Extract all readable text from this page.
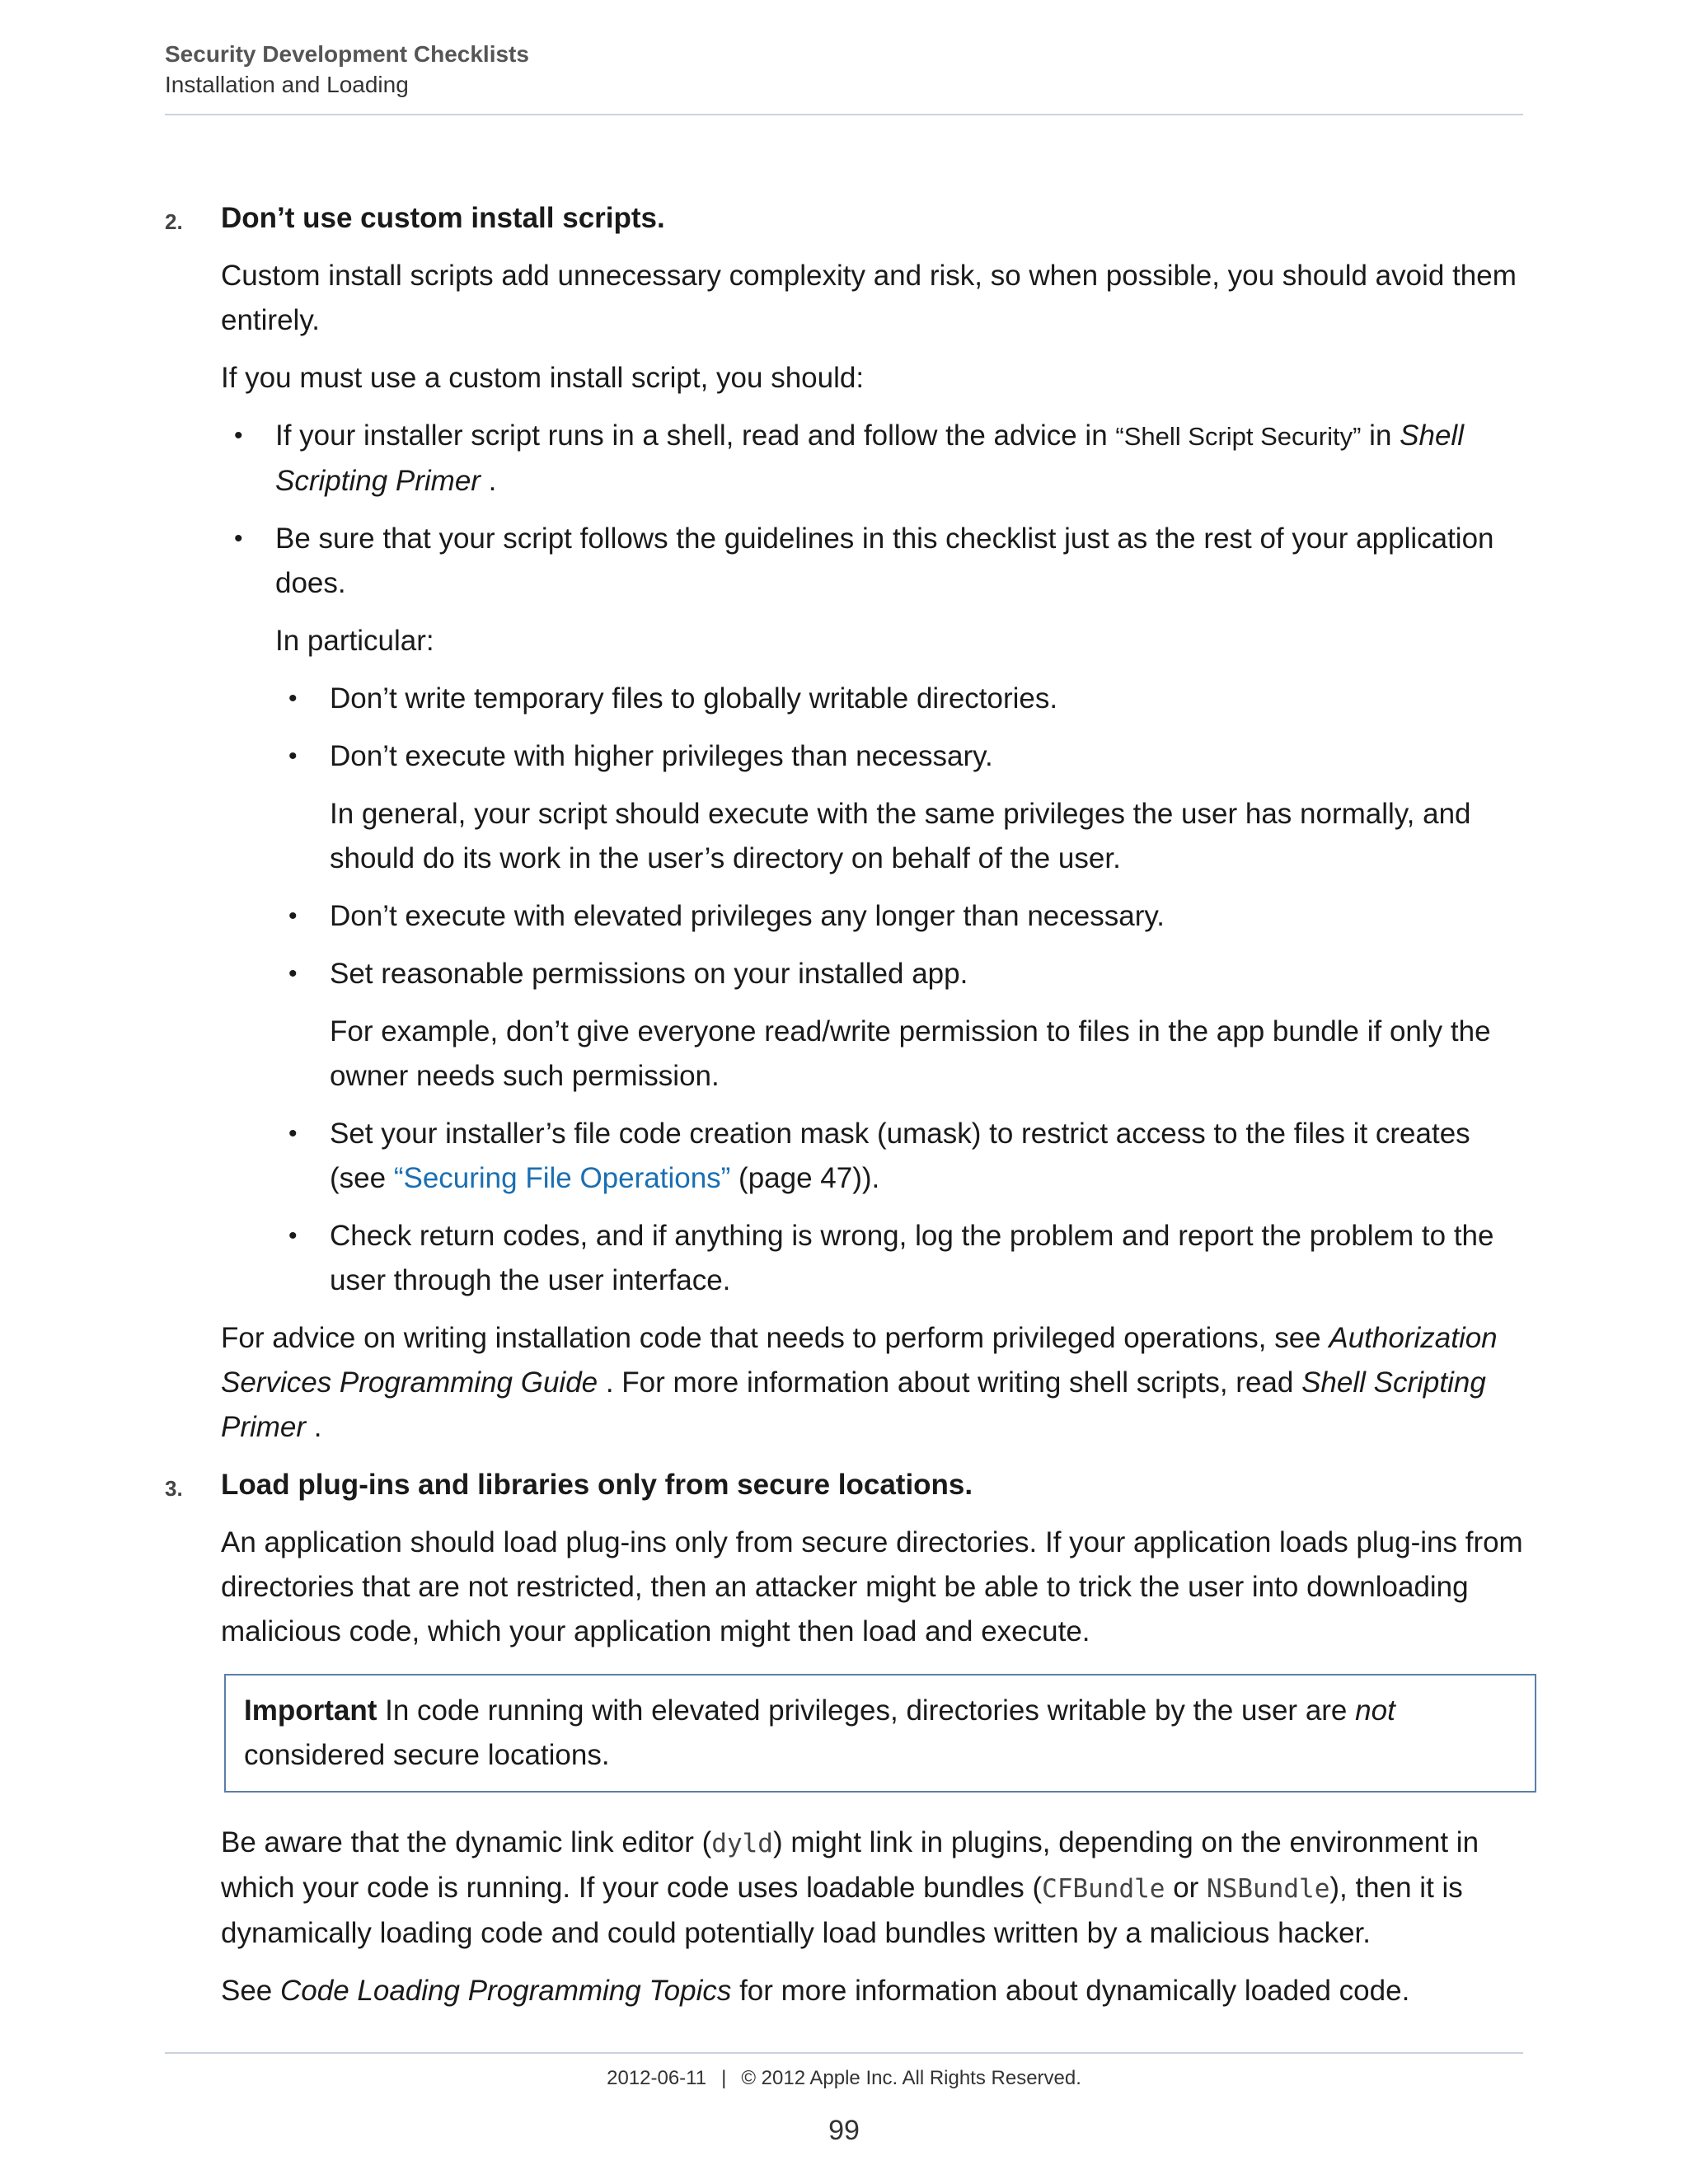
Security Development Checklists
Installation and Loading
2. Don’t use custom install scripts.

Custom install scripts add unnecessary complexity and risk, so when possible, you should avoid them entirely.

If you must use a custom install script, you should:

• If your installer script runs in a shell, read and follow the advice in “Shell Script Security” in Shell Scripting Primer .
• Be sure that your script follows the guidelines in this checklist just as the rest of your application does.
In particular:
• Don’t write temporary files to globally writable directories.
• Don’t execute with higher privileges than necessary.
In general, your script should execute with the same privileges the user has normally, and should do its work in the user’s directory on behalf of the user.
• Don’t execute with elevated privileges any longer than necessary.
• Set reasonable permissions on your installed app.
For example, don’t give everyone read/write permission to files in the app bundle if only the owner needs such permission.
• Set your installer’s file code creation mask (umask) to restrict access to the files it creates (see “Securing File Operations” (page 47)).
• Check return codes, and if anything is wrong, log the problem and report the problem to the user through the user interface.

For advice on writing installation code that needs to perform privileged operations, see Authorization Services Programming Guide . For more information about writing shell scripts, read Shell Scripting Primer .

3. Load plug-ins and libraries only from secure locations.

An application should load plug-ins only from secure directories. If your application loads plug-ins from directories that are not restricted, then an attacker might be able to trick the user into downloading malicious code, which your application might then load and execute.

Important In code running with elevated privileges, directories writable by the user are not considered secure locations.

Be aware that the dynamic link editor (dyld) might link in plugins, depending on the environment in which your code is running. If your code uses loadable bundles (CFBundle or NSBundle), then it is dynamically loading code and could potentially load bundles written by a malicious hacker.

See Code Loading Programming Topics for more information about dynamically loaded code.

2012-06-11 | © 2012 Apple Inc. All Rights Reserved.
99
